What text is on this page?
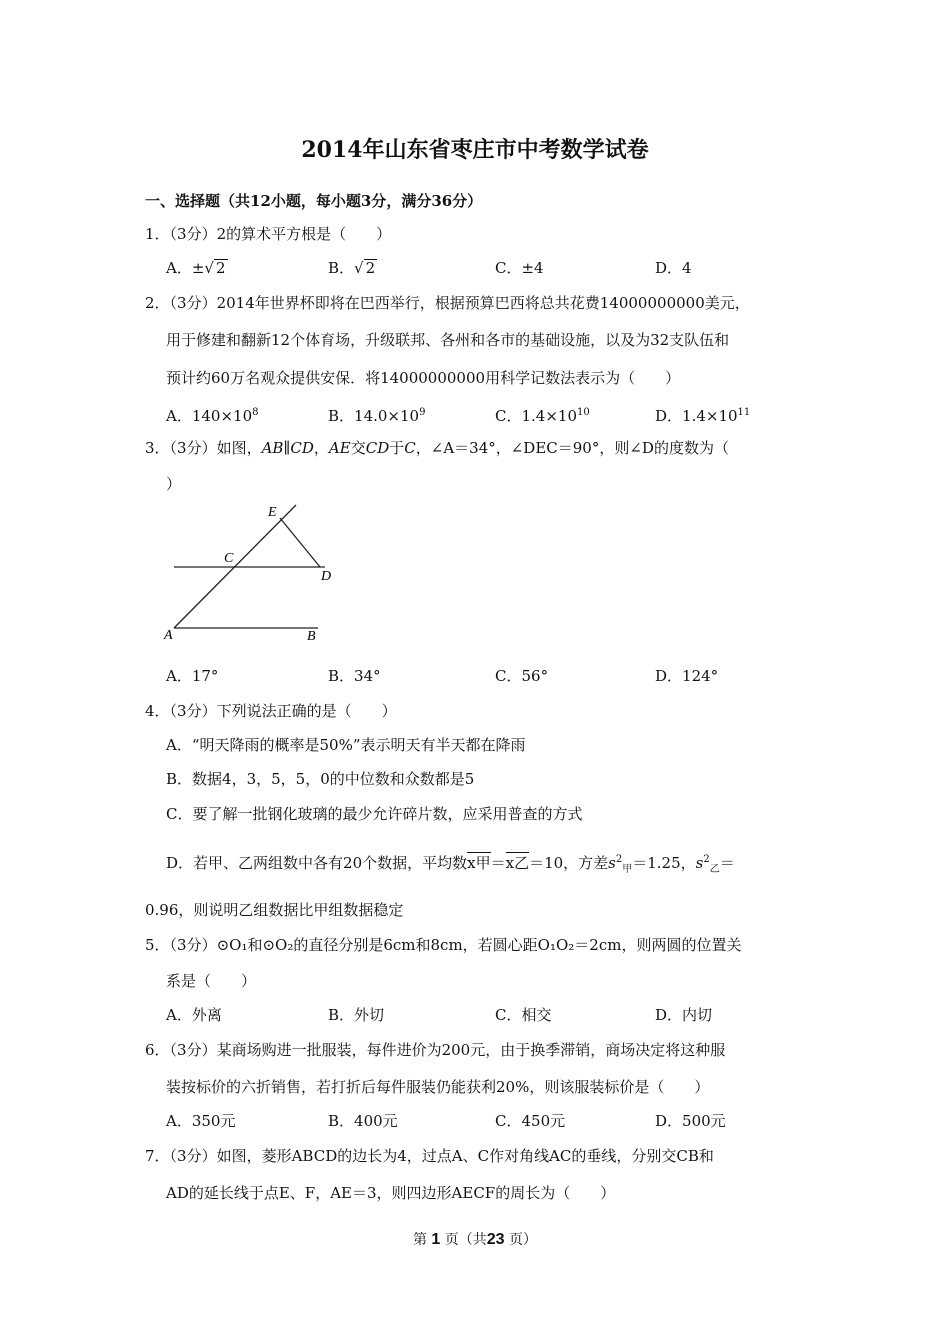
2014年山东省枣庄市中考数学试卷
一、选择题（共12小题，每小题3分，满分36分）
1．（3分）2的算术平方根是（　　）
A．±√ 2	B．√ 2	C．±4	D．4
2．（3分）2014年世界杯即将在巴西举行，根据预算巴西将总共花费14000000000美元，
用于修建和翻新12个体育场，升级联邦、各州和各市的基础设施，以及为32支队伍和
预计约60万名观众提供安保．将14000000000用科学记数法表示为（　　）
A．$140\times 10^8$	B．$14.0\times 10^9$	C．$1.4\times 10^{10}$	D．$1.4\times 10^{11}$
3．（3分）如图，AB∥CD，AE交CD于C，∠A＝34°，∠DEC＝90°，则∠D的度数为（
）
E
C
D
A	B
A．17°	B．34°	C．56°	D．124°
4．（3分）下列说法正确的是（　　）
A．“明天降雨的概率是50%”表示明天有半天都在降雨
B．数据4，3，5，5，0的中位数和众数都是5
C．要了解一批钢化玻璃的最少允许碎片数，应采用普查的方式
D．若甲、乙两组数中各有20个数据，平均数x甲＝x乙＝10，方差$s^2_甲=1.25$，$s^2_乙=$
0.96，则说明乙组数据比甲组数据稳定
5．（3分）⊙O₁和⊙O₂的直径分别是6cm和8cm，若圆心距O₁O₂＝2cm，则两圆的位置关
系是（　　）
A．外离	B．外切	C．相交	D．内切
6．（3分）某商场购进一批服装，每件进价为200元，由于换季滞销，商场决定将这种服
装按标价的六折销售，若打折后每件服装仍能获利20%，则该服装标价是（　　）
A．350元	B．400元	C．450元	D．500元
7．（3分）如图，菱形ABCD的边长为4，过点A、C作对角线AC的垂线，分别交CB和
AD的延长线于点E、F，AE＝3，则四边形AECF的周长为（　　）
第 1 页（共23 页）
